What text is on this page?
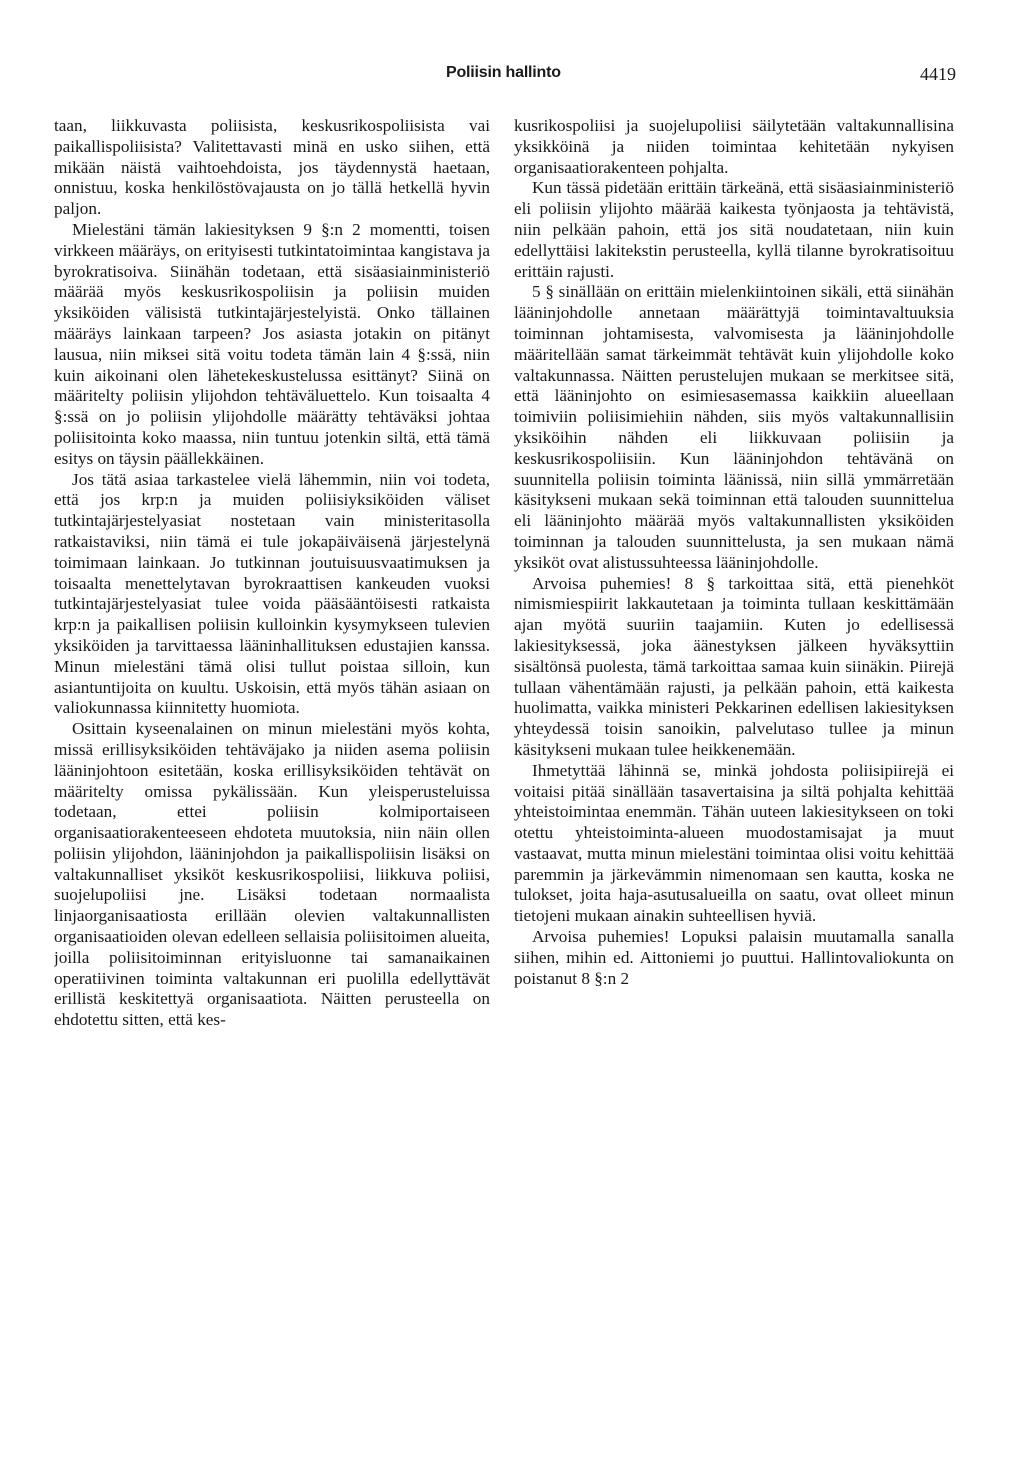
Poliisin hallinto	4419

taan, liikkuvasta poliisista, keskusrikospoliisista vai paikallispoliisista? Valitettavasti minä en usko siihen, että mikään näistä vaihtoehdoista, jos täydennystä haetaan, onnistuu, koska henkilöstövajausta on jo tällä hetkellä hyvin paljon.

Mielestäni tämän lakiesityksen 9 §:n 2 momentti, toisen virkkeen määräys, on erityisesti tutkintatoimintaa kangistava ja byrokratisoiva. Siinähän todetaan, että sisäasiainministeriö määrää myös keskusrikospoliisin ja poliisin muiden yksiköiden välisistä tutkintajärjestelyistä. Onko tällainen määräys lainkaan tarpeen? Jos asiasta jotakin on pitänyt lausua, niin miksei sitä voitu todeta tämän lain 4 §:ssä, niin kuin aikoinani olen lähetekeskustelussa esittänyt? Siinä on määritelty poliisin ylijohdon tehtäväluettelo. Kun toisaalta 4 §:ssä on jo poliisin ylijohdolle määrätty tehtäväksi johtaa poliisitointa koko maassa, niin tuntuu jotenkin siltä, että tämä esitys on täysin päällekkäinen.

Jos tätä asiaa tarkastelee vielä lähemmin, niin voi todeta, että jos krp:n ja muiden poliisiyksiköiden väliset tutkintajärjestelyasiat nostetaan vain ministeritasolla ratkaistaviksi, niin tämä ei tule jokapäiväisenä järjestelynä toimimaan lainkaan. Jo tutkinnan joutuisuusvaatimuksen ja toisaalta menettelytavan byrokraattisen kankeuden vuoksi tutkintajärjestelyasiat tulee voida pääsääntöisesti ratkaista krp:n ja paikallisen poliisin kulloinkin kysymykseen tulevien yksiköiden ja tarvittaessa lääninhallituksen edustajien kanssa. Minun mielestäni tämä olisi tullut poistaa silloin, kun asiantuntijoita on kuultu. Uskoisin, että myös tähän asiaan on valiokunnassa kiinnitetty huomiota.

Osittain kyseenalainen on minun mielestäni myös kohta, missä erillisyksiköiden tehtäväjako ja niiden asema poliisin lääninjohtoon esitetään, koska erillisyksiköiden tehtävät on määritelty omissa pykälissään. Kun yleisperusteluissa todetaan, ettei poliisin kolmiportaiseen organisaatiorakenteeseen ehdoteta muutoksia, niin näin ollen poliisin ylijohdon, lääninjohdon ja paikallispoliisin lisäksi on valtakunnalliset yksiköt keskusrikospoliisi, liikkuva poliisi, suojelupoliisi jne. Lisäksi todetaan normaalista linjaorganisaatiosta erillään olevien valtakunnallisten organisaatioiden olevan edelleen sellaisia poliisitoimen alueita, joilla poliisitoiminnan erityisluonne tai samanaikainen operatiivinen toiminta valtakunnan eri puolilla edellyttävät erillistä keskitettyä organisaatiota. Näitten perusteella on ehdotettu sitten, että kes-

kusrikospoliisi ja suojelupoliisi säilytetään valtakunnallisina yksikköinä ja niiden toimintaa kehitetään nykyisen organisaatiorakenteen pohjalta.

Kun tässä pidetään erittäin tärkeänä, että sisäasiainministeriö eli poliisin ylijohto määrää kaikesta työnjaosta ja tehtävistä, niin pelkään pahoin, että jos sitä noudatetaan, niin kuin edellyttäisi lakitekstin perusteella, kyllä tilanne byrokratisoituu erittäin rajusti.

5 § sinällään on erittäin mielenkiintoinen sikäli, että siinähän lääninjohdolle annetaan määrättyjä toimintavaltuuksia toiminnan johtamisesta, valvomisesta ja lääninjohdolle määritellään samat tärkeimmät tehtävät kuin ylijohdolle koko valtakunnassa. Näitten perustelujen mukaan se merkitsee sitä, että lääninjohto on esimiesasemassa kaikkiin alueellaan toimiviin poliisimiehiin nähden, siis myös valtakunnallisiin yksiköihin nähden eli liikkuvaan poliisiin ja keskusrikospoliisiin. Kun lääninjohdon tehtävänä on suunnitella poliisin toiminta läänissä, niin sillä ymmärretään käsitykseni mukaan sekä toiminnan että talouden suunnittelua eli lääninjohto määrää myös valtakunnallisten yksiköiden toiminnan ja talouden suunnittelusta, ja sen mukaan nämä yksiköt ovat alistussuhteessa lääninjohdolle.

Arvoisa puhemies! 8 § tarkoittaa sitä, että pienehköt nimismiespiirit lakkautetaan ja toiminta tullaan keskittämään ajan myötä suuriin taajamiin. Kuten jo edellisessä lakiesityksessä, joka äänestyksen jälkeen hyväksyttiin sisältönsä puolesta, tämä tarkoittaa samaa kuin siinäkin. Piirejä tullaan vähentämään rajusti, ja pelkään pahoin, että kaikesta huolimatta, vaikka ministeri Pekkarinen edellisen lakiesityksen yhteydessä toisin sanoikin, palvelutaso tullee ja minun käsitykseni mukaan tulee heikkenemään.

Ihmetyttää lähinnä se, minkä johdosta poliisipiirejä ei voitaisi pitää sinällään tasavertaisina ja siltä pohjalta kehittää yhteistoimintaa enemmän. Tähän uuteen lakiesitykseen on toki otettu yhteistoiminta-alueen muodostamisajat ja muut vastaavat, mutta minun mielestäni toimintaa olisi voitu kehittää paremmin ja järkevämmin nimenomaan sen kautta, koska ne tulokset, joita haja-asutusalueilla on saatu, ovat olleet minun tietojeni mukaan ainakin suhteellisen hyviä.

Arvoisa puhemies! Lopuksi palaisin muutamalla sanalla siihen, mihin ed. Aittoniemi jo puuttui. Hallintovaliokunta on poistanut 8 §:n 2
